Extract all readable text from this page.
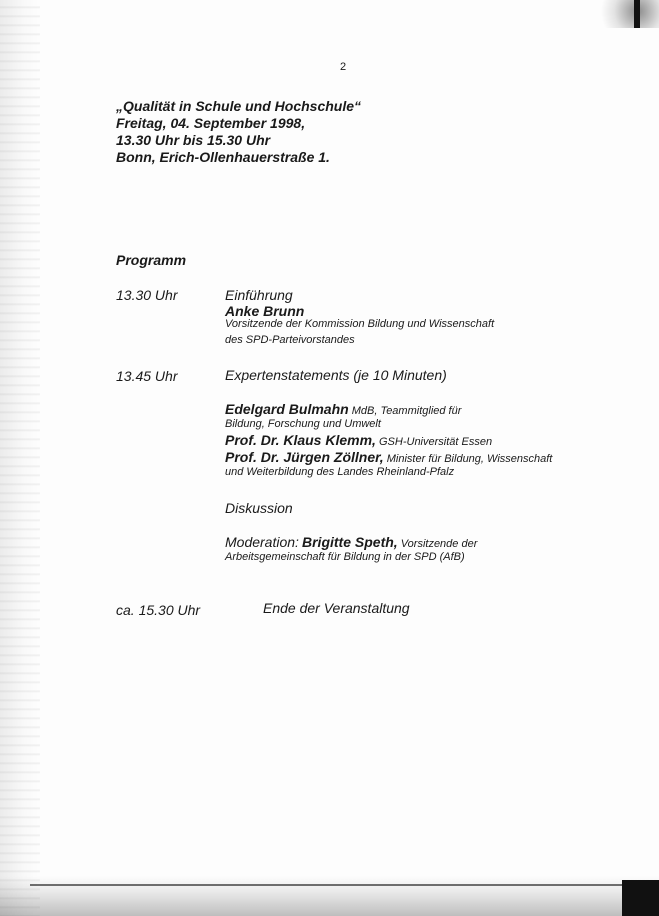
2
„Qualität in Schule und Hochschule“
Freitag, 04. September 1998,
13.30 Uhr bis 15.30 Uhr
Bonn, Erich-Ollenhauerstraße 1.
Programm
13.30 Uhr	Einführung
Anke Brunn
Vorsitzende der Kommission Bildung und Wissenschaft
des SPD-Parteivorstandes
13.45 Uhr	Expertenstatements (je 10 Minuten)
Edelgard Bulmahn MdB, Teammitglied für
Bildung, Forschung und Umwelt
Prof. Dr. Klaus Klemm, GSH-Universität Essen
Prof. Dr. Jürgen Zöllner, Minister für Bildung, Wissenschaft
und Weiterbildung des Landes Rheinland-Pfalz
Diskussion
Moderation: Brigitte Speth, Vorsitzende der
Arbeitsgemeinschaft für Bildung in der SPD (AfB)
ca. 15.30 Uhr	Ende der Veranstaltung
